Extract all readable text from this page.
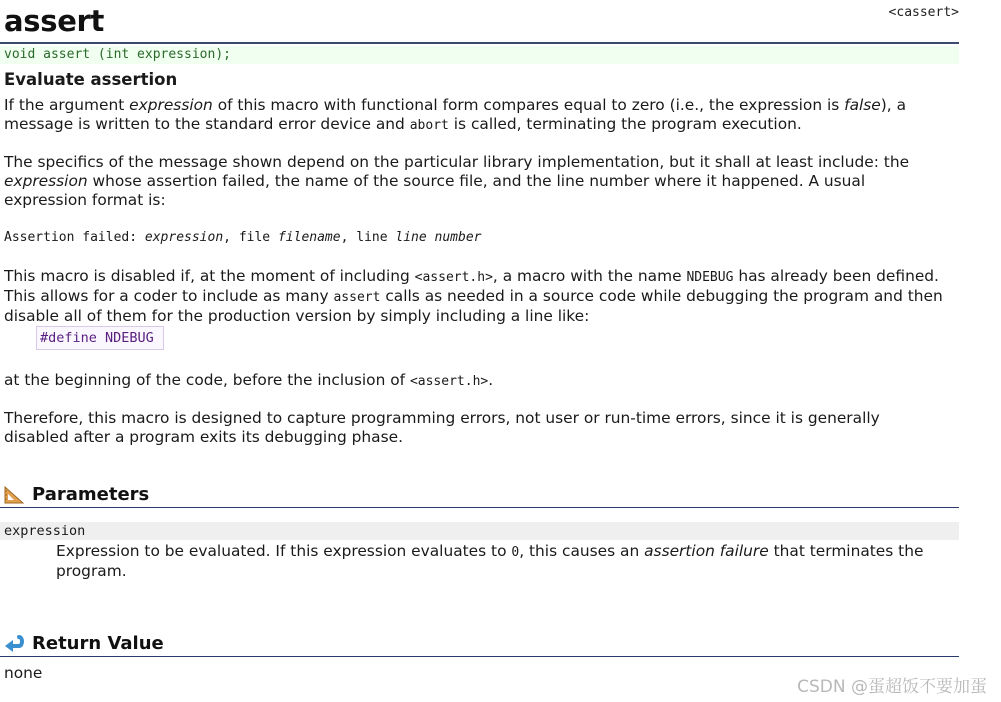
assert	<cassert>
void assert (int expression);
Evaluate assertion

If the argument expression of this macro with functional form compares equal to zero (i.e., the expression is false), a message is written to the standard error device and abort is called, terminating the program execution.

The specifics of the message shown depend on the particular library implementation, but it shall at least include: the expression whose assertion failed, the name of the source file, and the line number where it happened. A usual expression format is:

Assertion failed: expression, file filename, line line number

This macro is disabled if, at the moment of including <assert.h>, a macro with the name NDEBUG has already been defined. This allows for a coder to include as many assert calls as needed in a source code while debugging the program and then disable all of them for the production version by simply including a line like:

#define NDEBUG

at the beginning of the code, before the inclusion of <assert.h>.

Therefore, this macro is designed to capture programming errors, not user or run-time errors, since it is generally disabled after a program exits its debugging phase.

Parameters
expression

Expression to be evaluated. If this expression evaluates to 0, this causes an assertion failure that terminates the program.

Return Value
none
CSDN @蛋超饭不要加蛋
